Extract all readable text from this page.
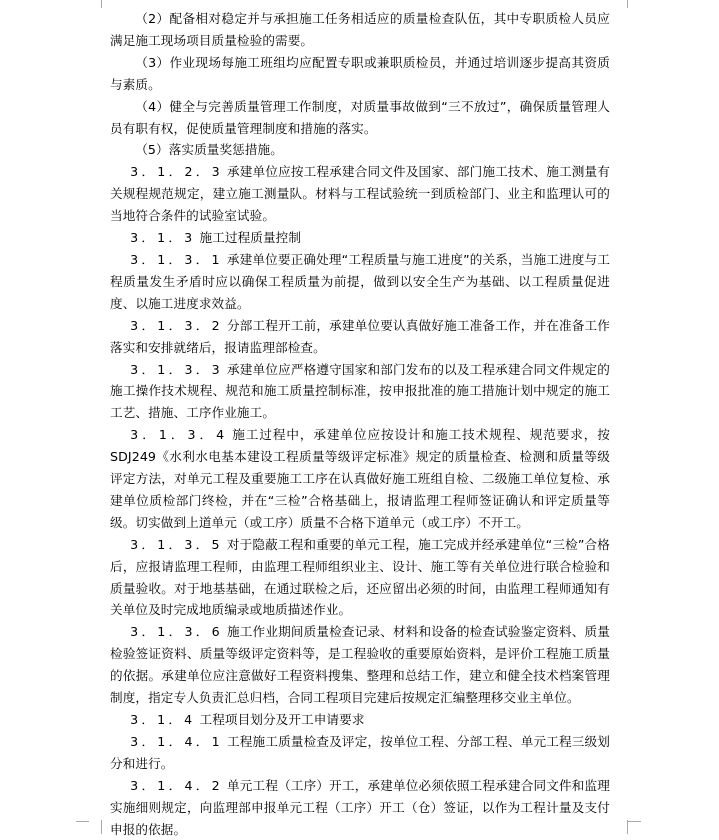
（2）配备相对稳定并与承担施工任务相适应的质量检查队伍，其中专职质检人员应满足施工现场项目质量检验的需要。

（3）作业现场每施工班组均应配置专职或兼职质检员，并通过培训逐步提高其资质与素质。

（4）健全与完善质量管理工作制度，对质量事故做到“三不放过”，确保质量管理人员有职有权，促使质量管理制度和措施的落实。

（5）落实质量奖惩措施。

3．1．2．3 承建单位应按工程承建合同文件及国家、部门施工技术、施工测量有关规程规范规定，建立施工测量队。材料与工程试验统一到质检部门、业主和监理认可的当地符合条件的试验室试验。

3．1．3 施工过程质量控制

3．1．3．1 承建单位要正确处理“工程质量与施工进度”的关系，当施工进度与工程质量发生矛盾时应以确保工程质量为前提，做到以安全生产为基础、以工程质量促进度、以施工进度求效益。

3．1．3．2 分部工程开工前，承建单位要认真做好施工准备工作，并在准备工作落实和安排就绪后，报请监理部检查。

3．1．3．3 承建单位应严格遵守国家和部门发布的以及工程承建合同文件规定的施工操作技术规程、规范和施工质量控制标准，按申报批准的施工措施计划中规定的施工工艺、措施、工序作业施工。

3．1．3．4 施工过程中，承建单位应按设计和施工技术规程、规范要求，按SDJ249《水利水电基本建设工程质量等级评定标准》规定的质量检查、检测和质量等级评定方法，对单元工程及重要施工工序在认真做好施工班组自检、二级施工单位复检、承建单位质检部门终检，并在“三检”合格基础上，报请监理工程师签证确认和评定质量等级。切实做到上道单元（或工序）质量不合格下道单元（或工序）不开工。

3．1．3．5 对于隐蔽工程和重要的单元工程，施工完成并经承建单位“三检”合格后，应报请监理工程师，由监理工程师组织业主、设计、施工等有关单位进行联合检验和质量验收。对于地基基础，在通过联检之后，还应留出必须的时间，由监理工程师通知有关单位及时完成地质编录或地质描述作业。

3．1．3．6 施工作业期间质量检查记录、材料和设备的检查试验鉴定资料、质量检验签证资料、质量等级评定资料等，是工程验收的重要原始资料，是评价工程施工质量的依据。承建单位应注意做好工程资料搜集、整理和总结工作，建立和健全技术档案管理制度，指定专人负责汇总归档，合同工程项目完建后按规定汇编整理移交业主单位。

3．1．4 工程项目划分及开工申请要求

3．1．4．1 工程施工质量检查及评定，按单位工程、分部工程、单元工程三级划分和进行。

3．1．4．2 单元工程（工序）开工，承建单位必须依照工程承建合同文件和监理实施细则规定，向监理部申报单元工程（工序）开工（仓）签证，以作为工程计量及支付申报的依据。
